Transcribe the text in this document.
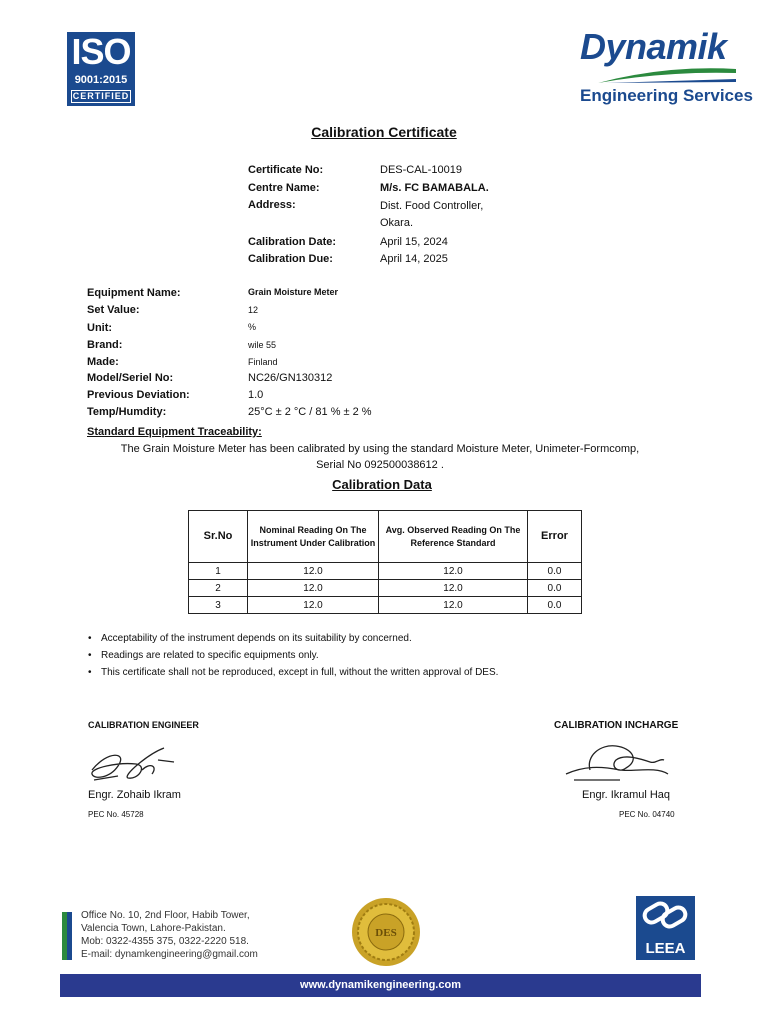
ISO
9001:2015
CERTIFIED
Dynamik
Engineering Services
Calibration Certificate
Certificate No:	DES-CAL-10019
Centre Name:	M/s. FC BAMABALA.
Address:	Dist. Food Controller,
Okara.
Calibration Date:	April 15, 2024
Calibration Due:	April 14, 2025
Equipment Name:	Grain Moisture Meter
Set Value:	12
Unit:	%
Brand:	wile 55
Made:	Finland
Model/Seriel No:	NC26/GN130312
Previous Deviation:	1.0
Temp/Humdity:	25°C ± 2 °C / 81 % ± 2 %
Standard Equipment Traceability:
The Grain Moisture Meter has been calibrated by using the standard Moisture Meter, Unimeter-Formcomp,
Serial No 092500038612 .
Calibration Data
Sr.No	Nominal Reading On The Instrument Under Calibration	Avg. Observed Reading On The Reference Standard	Error
1	12.0	12.0	0.0
2	12.0	12.0	0.0
3	12.0	12.0	0.0
• Acceptability of the instrument depends on its suitability by concerned.
• Readings are related to specific equipments only.
• This certificate shall not be reproduced, except in full, without the written approval of DES.
CALIBRATION ENGINEER
Engr. Zohaib Ikram
PEC No. 45728
CALIBRATION INCHARGE
Engr. Ikramul Haq
PEC No. 04740
Office No. 10, 2nd Floor, Habib Tower,
Valencia Town, Lahore-Pakistan.
Mob: 0322-4355 375, 0322-2220 518.
E-mail: dynamkengineering@gmail.com
DES
LEEA
www.dynamikengineering.com
